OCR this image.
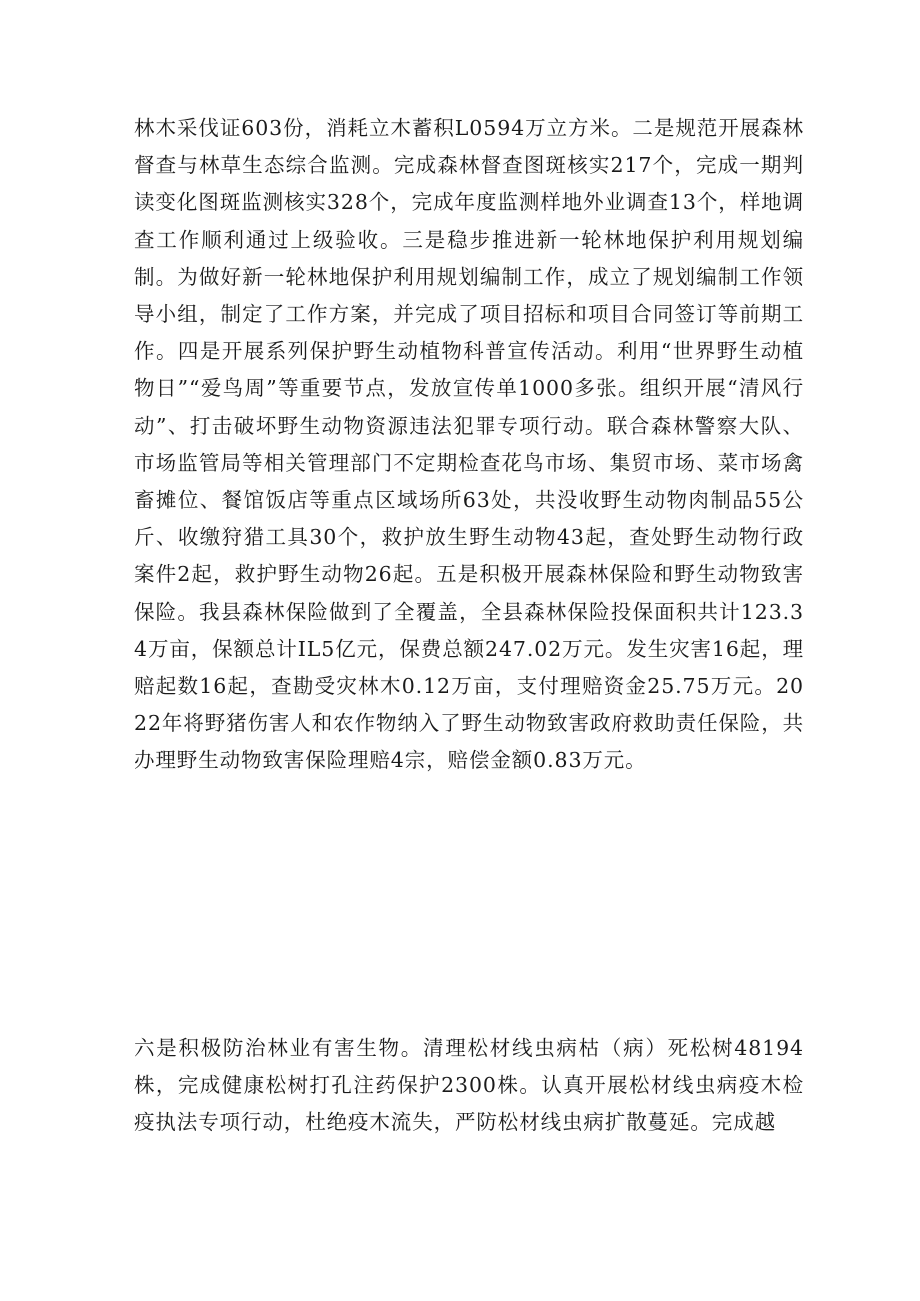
林木采伐证603份，消耗立木蓄积L0594万立方米。二是规范开展森林督查与林草生态综合监测。完成森林督查图斑核实217个，完成一期判读变化图斑监测核实328个，完成年度监测样地外业调查13个，样地调查工作顺利通过上级验收。三是稳步推进新一轮林地保护利用规划编制。为做好新一轮林地保护利用规划编制工作，成立了规划编制工作领导小组，制定了工作方案，并完成了项目招标和项目合同签订等前期工作。四是开展系列保护野生动植物科普宣传活动。利用“世界野生动植物日”“爱鸟周”等重要节点，发放宣传单1000多张。组织开展“清风行动”、打击破坏野生动物资源违法犯罪专项行动。联合森林警察大队、市场监管局等相关管理部门不定期检查花鸟市场、集贸市场、菜市场禽畜摊位、餐馆饭店等重点区域场所63处，共没收野生动物肉制品55公斤、收缴狩猎工具30个，救护放生野生动物43起，查处野生动物行政案件2起，救护野生动物26起。五是积极开展森林保险和野生动物致害保险。我县森林保险做到了全覆盖，全县森林保险投保面积共计123.34万亩，保额总计IL5亿元，保费总额247.02万元。发生灾害16起，理赔起数16起，查勘受灾林木0.12万亩，支付理赔资金25.75万元。2022年将野猪伤害人和农作物纳入了野生动物致害政府救助责任保险，共办理野生动物致害保险理赔4宗，赔偿金额0.83万元。

六是积极防治林业有害生物。清理松材线虫病枯（病）死松树48194株，完成健康松树打孔注药保护2300株。认真开展松材线虫病疫木检疫执法专项行动，杜绝疫木流失，严防松材线虫病扩散蔓延。完成越
